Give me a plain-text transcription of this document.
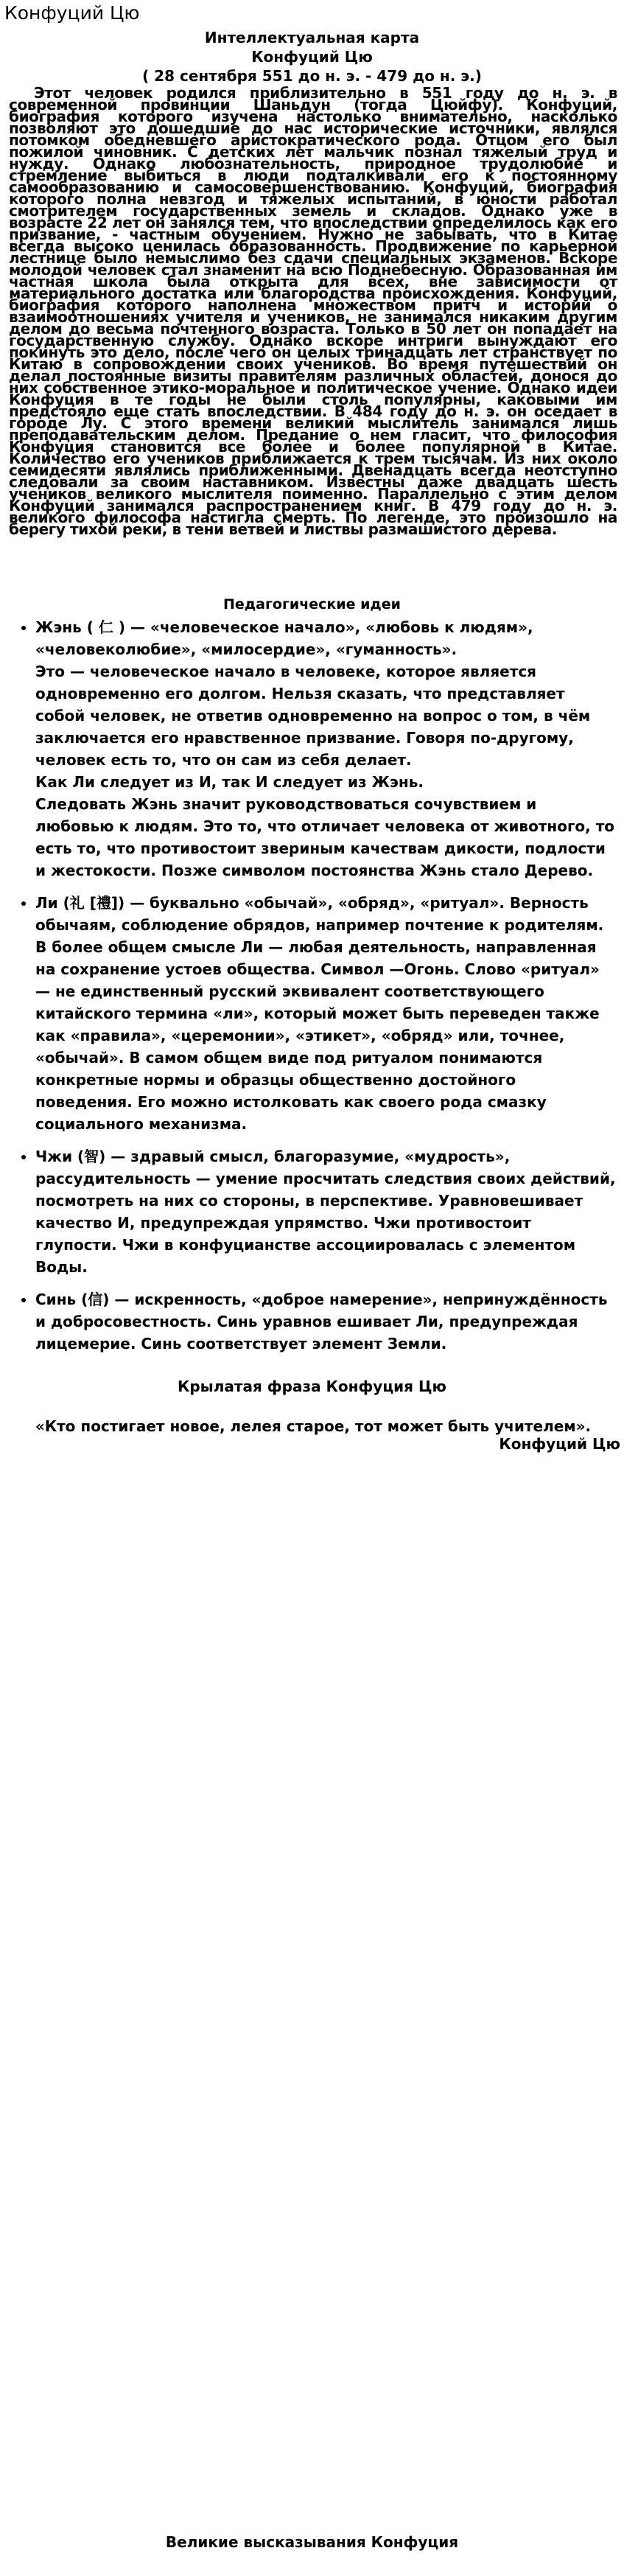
Конфуций Цю
Интеллектуальная карта
Конфуций Цю
( 28 сентября 551 до н. э. - 479 до н. э.)

Этот человек родился приблизительно в 551 году до н. э. в современной провинции Шаньдун (тогда Цюйфу). Конфуций, биография которого изучена настолько внимательно, насколько позволяют это дошедшие до нас исторические источники, являлся потомком обедневшего аристократического рода. Отцом его был пожилой чиновник. С детских лет мальчик познал тяжелый труд и нужду. Однако любознательность, природное трудолюбие и стремление выбиться в люди подталкивали его к постоянному самообразованию и самосовершенствованию. Конфуций, биография которого полна невзгод и тяжелых испытаний, в юности работал смотрителем государственных земель и складов. Однако уже в возрасте 22 лет он занялся тем, что впоследствии определилось как его призвание, - частным обучением. Нужно не забывать, что в Китае всегда высоко ценилась образованность. Продвижение по карьерной лестнице было немыслимо без сдачи специальных экзаменов. Вскоре молодой человек стал знаменит на всю Поднебесную. Образованная им частная школа была открыта для всех, вне зависимости от материального достатка или благородства происхождения. Конфуций, биография которого наполнена множеством притч и историй о взаимоотношениях учителя и учеников, не занимался никаким другим делом до весьма почтенного возраста. Только в 50 лет он попадает на государственную службу. Однако вскоре интриги вынуждают его покинуть это дело, после чего он целых тринадцать лет странствует по Китаю в сопровождении своих учеников. Во время путешествий он делал постоянные визиты правителям различных областей, донося до них собственное этико-моральное и политическое учение. Однако идеи Конфуция в те годы не были столь популярны, каковыми им предстояло еще стать впоследствии. В 484 году до н. э. он оседает в городе Лу. С этого времени великий мыслитель занимался лишь преподавательским делом. Предание о нем гласит, что философия Конфуция становится все более и более популярной в Китае. Количество его учеников приближается к трем тысячам. Из них около семидесяти являлись приближенными. Двенадцать всегда неотступно следовали за своим наставником. Известны даже двадцать шесть учеников великого мыслителя поименно. Параллельно с этим делом Конфуций занимался распространением книг. В 479 году до н. э. великого философа настигла смерть. По легенде, это произошло на берегу тихой реки, в тени ветвей и листвы размашистого дерева.

Педагогические идеи

• Жэнь ( 仁 ) — «человеческое начало», «любовь к людям», «человеколюбие», «милосердие», «гуманность».

Это — человеческое начало в человеке, которое является одновременно его долгом. Нельзя сказать, что представляет собой человек, не ответив одновременно на вопрос о том, в чём заключается его нравственное призвание. Говоря по-другому, человек есть то, что он сам из себя делает.

Как Ли следует из И, так И следует из Жэнь.

Следовать Жэнь значит руководствоваться сочувствием и любовью к людям. Это то, что отличает человека от животного, то есть то, что противостоит звериным качествам дикости, подлости и жестокости. Позже символом постоянства Жэнь стало Дерево.

• Ли (礼 [禮]) — буквально «обычай», «обряд», «ритуал». Верность обычаям, соблюдение обрядов, например почтение к родителям. В более общем смысле Ли — любая деятельность, направленная на сохранение устоев общества. Символ —Огонь. Слово «ритуал» — не единственный русский эквивалент соответствующего китайского термина «ли», который может быть переведен также как «правила», «церемонии», «этикет», «обряд» или, точнее, «обычай». В самом общем виде под ритуалом понимаются конкретные нормы и образцы общественно достойного поведения. Его можно истолковать как своего рода смазку социального механизма.

• Чжи (智) — здравый смысл, благоразумие, «мудрость», рассудительность — умение просчитать следствия своих действий, посмотреть на них со стороны, в перспективе. Уравновешивает качество И, предупреждая упрямство. Чжи противостоит глупости. Чжи в конфуцианстве ассоциировалась с элементом Воды.

• Синь (信) — искренность, «доброе намерение», непринуждённость и добросовестность. Синь уравнов ешивает Ли, предупреждая лицемерие. Синь соответствует элемент Земли.

Крылатая фраза Конфуция Цю

«Кто постигает новое, лелея старое, тот может быть учителем».

Конфуций Цю

Великие высказывания Конфуция
